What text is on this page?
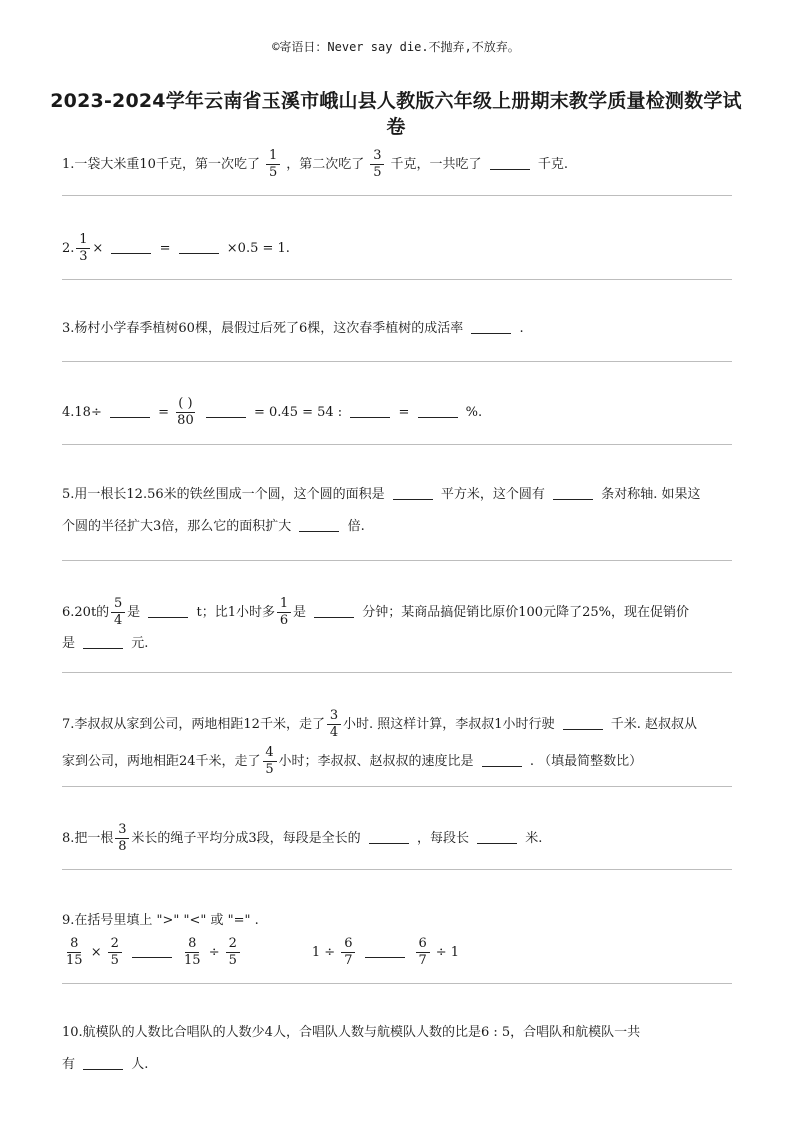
©寄语日：Never say die.不抛弃,不放弃。
2023-2024学年云南省玉溪市峨山县人教版六年级上册期末教学质量检测数学试
卷
1.一袋大米重10千克，第一次吃了 $\frac{1}{5}$ ，第二次吃了 $\frac{3}{5}$ 千克，一共吃了	千克.
2. $\frac{1}{3}$ ×	=	×0.5 = 1.
3.杨村小学春季植树60棵，晨假过后死了6棵，这次春季植树的成活率	.
4.18÷	= $\frac{( )}{80}$	= 0.45 = 54 :	=	%.
5.用一根长12.56米的铁丝围成一个圆，这个圆的面积是	平方米，这个圆有	条对称轴. 如果这
个圆的半径扩大3倍，那么它的面积扩大	倍.
6.20t的 $\frac{5}{4}$ 是	t；比1小时多 $\frac{1}{6}$ 是	分钟；某商品搞促销比原价100元降了25%，现在促销价
是	元.
7.李叔叔从家到公司，两地相距12千米，走了 $\frac{3}{4}$ 小时. 照这样计算，李叔叔1小时行驶	千米. 赵叔叔从
家到公司，两地相距24千米，走了 $\frac{4}{5}$ 小时；李叔叔、赵叔叔的速度比是	. （填最简整数比）
8.把一根 $\frac{3}{8}$ 米长的绳子平均分成3段，每段是全长的	，每段长	米.
9.在括号里填上 ">" "<" 或 "=" .
$\frac{8}{15} \times \frac{2}{5}$
	$\frac{8}{15} \div \frac{2}{5}$	$1 \div \frac{6}{7}$
	$\frac{6}{7} \div 1$
10.航模队的人数比合唱队的人数少4人，合唱队人数与航模队人数的比是6 : 5，合唱队和航模队一共
有	人.
